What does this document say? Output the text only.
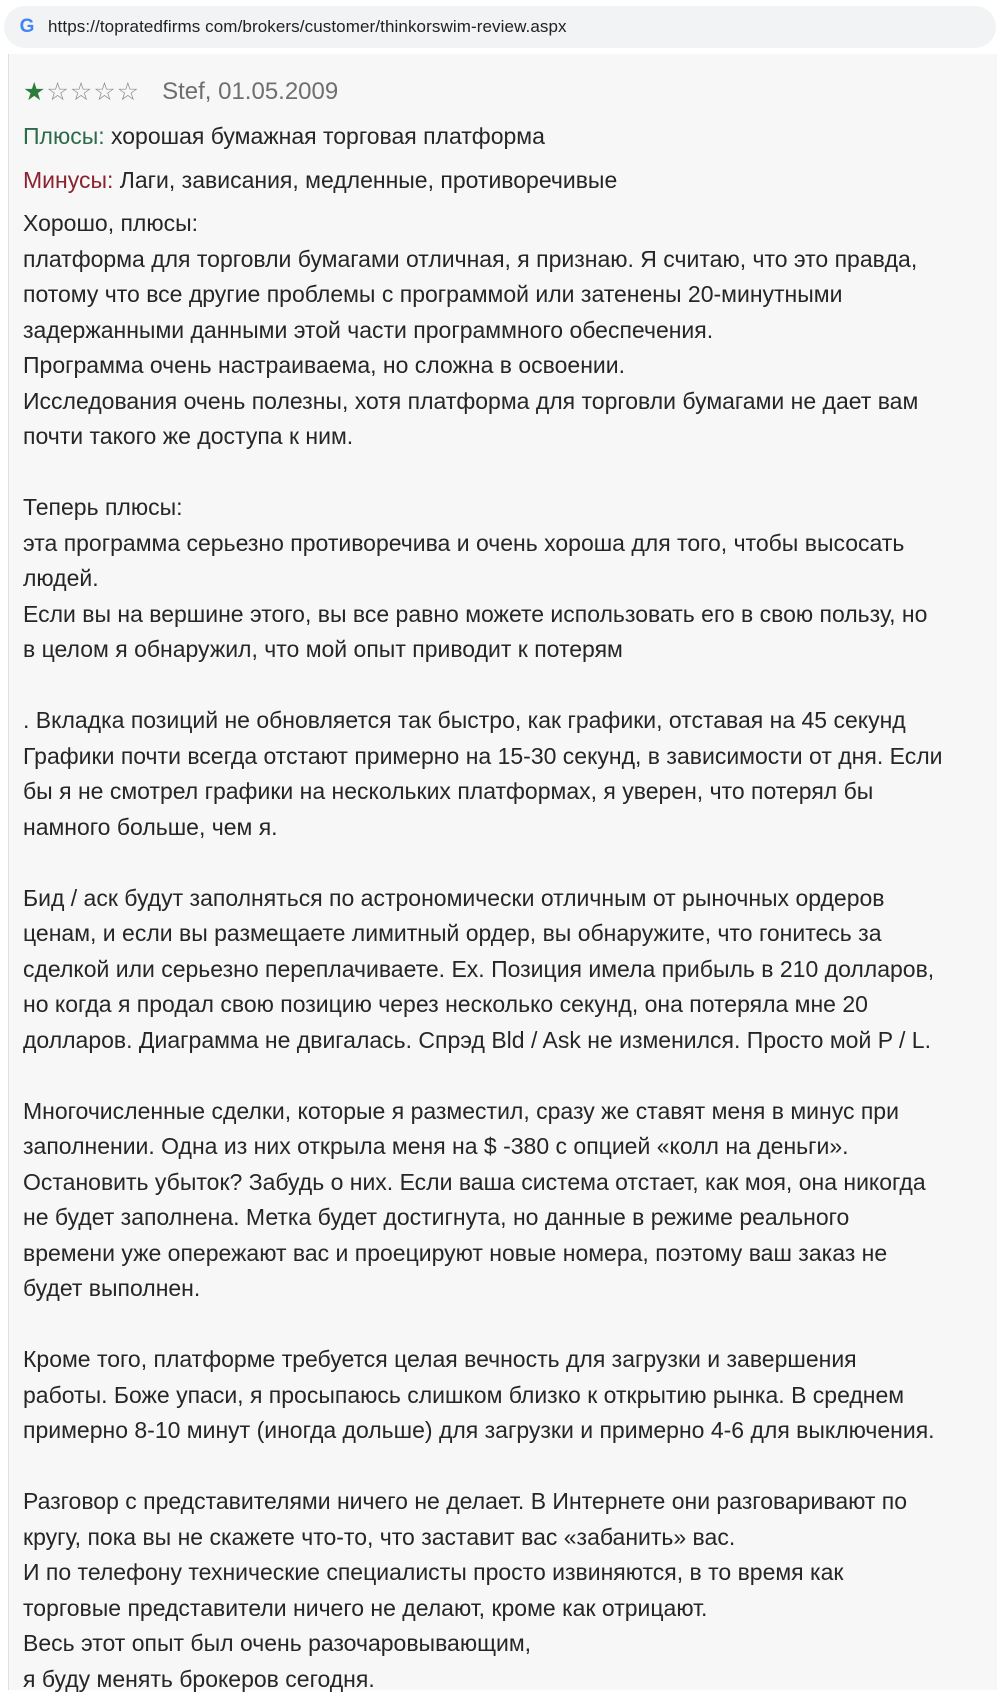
G https://topratedfirms com/brokers/customer/thinkorswim-review.aspx
★☆☆☆☆ Stef, 01.05.2009
Плюсы: хорошая бумажная торговая платформа
Минусы: Лаги, зависания, медленные, противоречивые
Хорошо, плюсы:
платформа для торговли бумагами отличная, я признаю. Я считаю, что это правда,
потому что все другие проблемы с программой или затенены 20-минутными
задержанными данными этой части программного обеспечения.
Программа очень настраиваема, но сложна в освоении.
Исследования очень полезны, хотя платформа для торговли бумагами не дает вам
почти такого же доступа к ним.
Теперь плюсы:
эта программа серьезно противоречива и очень хороша для того, чтобы высосать
людей.
Если вы на вершине этого, вы все равно можете использовать его в свою пользу, но
в целом я обнаружил, что мой опыт приводит к потерям
. Вкладка позиций не обновляется так быстро, как графики, отставая на 45 секунд
Графики почти всегда отстают примерно на 15-30 секунд, в зависимости от дня. Если
бы я не смотрел графики на нескольких платформах, я уверен, что потерял бы
намного больше, чем я.
Бид / аск будут заполняться по астрономически отличным от рыночных ордеров
ценам, и если вы размещаете лимитный ордер, вы обнаружите, что гонитесь за
сделкой или серьезно переплачиваете. Ex. Позиция имела прибыль в 210 долларов,
но когда я продал свою позицию через несколько секунд, она потеряла мне 20
долларов. Диаграмма не двигалась. Спрэд Bld / Ask не изменился. Просто мой P / L.
Многочисленные сделки, которые я разместил, сразу же ставят меня в минус при
заполнении. Одна из них открыла меня на $ -380 с опцией «колл на деньги».
Остановить убыток? Забудь о них. Если ваша система отстает, как моя, она никогда
не будет заполнена. Метка будет достигнута, но данные в режиме реального
времени уже опережают вас и проецируют новые номера, поэтому ваш заказ не
будет выполнен.
Кроме того, платформе требуется целая вечность для загрузки и завершения
работы. Боже упаси, я просыпаюсь слишком близко к открытию рынка. В среднем
примерно 8-10 минут (иногда дольше) для загрузки и примерно 4-6 для выключения.
Разговор с представителями ничего не делает. В Интернете они разговаривают по
кругу, пока вы не скажете что-то, что заставит вас «забанить» вас.
И по телефону технические специалисты просто извиняются, в то время как
торговые представители ничего не делают, кроме как отрицают.
Весь этот опыт был очень разочаровывающим,
я буду менять брокеров сегодня.
